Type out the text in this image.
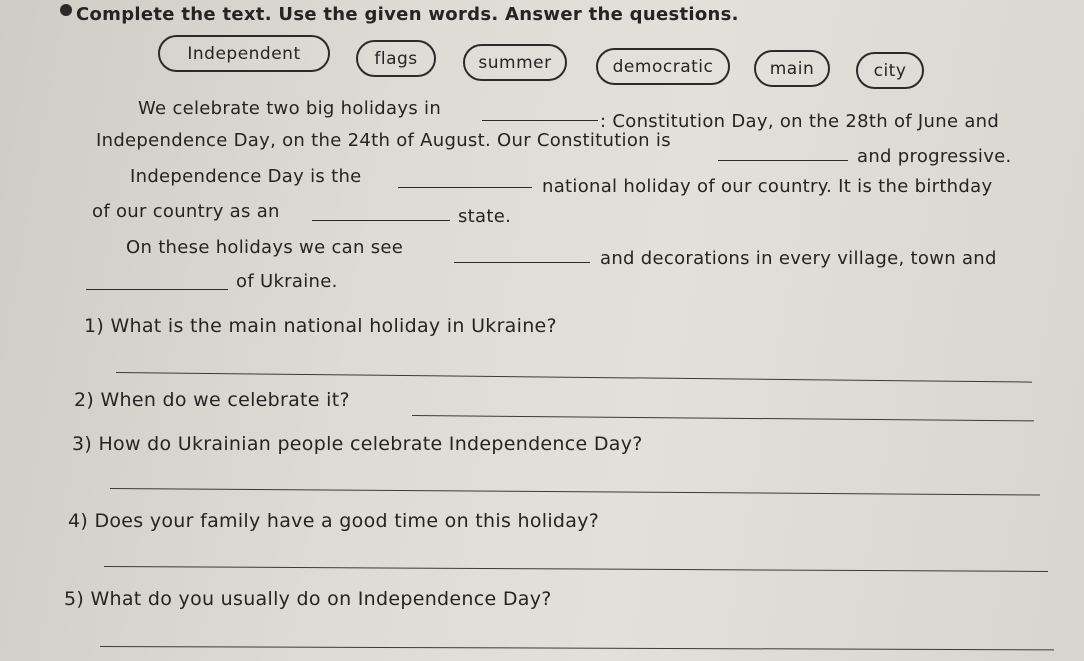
Complete the text. Use the given words. Answer the questions.
Independent	flags	summer	democratic	main	city
We celebrate two big holidays in
: Constitution Day, on the 28th of June and
Independence Day, on the 24th of August. Our Constitution is
and progressive.
Independence Day is the	national holiday of our country. It is the birthday
of our country as an	state.
On these holidays we can see
and decorations in every village, town and
of Ukraine.
1) What is the main national holiday in Ukraine?
2) When do we celebrate it?
3) How do Ukrainian people celebrate Independence Day?
4) Does your family have a good time on this holiday?
5) What do you usually do on Independence Day?
